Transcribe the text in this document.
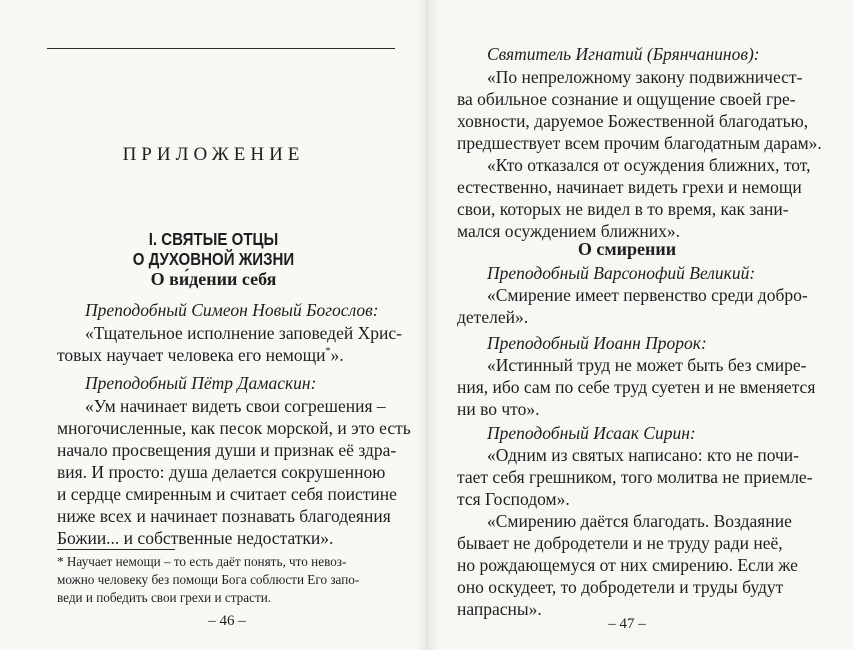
ПРИЛОЖЕНИЕ
I. СВЯТЫЕ ОТЦЫ
О ДУХОВНОЙ ЖИЗНИ
О ви́дении себя
Преподобный Симеон Новый Богослов:
«Тщательное исполнение заповедей Хрис-
товых научает человека его немощи*».
Преподобный Пётр Дамаскин:
«Ум начинает видеть свои согрешения –
многочисленные, как песок морской, и это есть
начало просвещения души и признак её здра-
вия. И просто: душа делается сокрушенною
и сердце смиренным и считает себя поистине
ниже всех и начинает познавать благодеяния
Божии... и собственные недостатки».
* Научает немощи – то есть даёт понять, что невоз-
можно человеку без помощи Бога соблюсти Его запо-
веди и победить свои грехи и страсти.
– 46 –
Святитель Игнатий (Брянчанинов):
«По непреложному закону подвижничест-
ва обильное сознание и ощущение своей гре-
ховности, даруемое Божественной благодатью,
предшествует всем прочим благодатным дарам».
«Кто отказался от осуждения ближних, тот,
естественно, начинает видеть грехи и немощи
свои, которых не видел в то время, как зани-
мался осуждением ближних».
О смирении
Преподобный Варсонофий Великий:
«Смирение имеет первенство среди добро-
детелей».
Преподобный Иоанн Пророк:
«Истинный труд не может быть без смире-
ния, ибо сам по себе труд суетен и не вменяется
ни во что».
Преподобный Исаак Сирин:
«Одним из святых написано: кто не почи-
тает себя грешником, того молитва не приемле-
тся Господом».
«Смирению даётся благодать. Воздаяние
бывает не добродетели и не труду ради неё,
но рождающемуся от них смирению. Если же
оно оскудеет, то добродетели и труды будут
напрасны».
– 47 –
